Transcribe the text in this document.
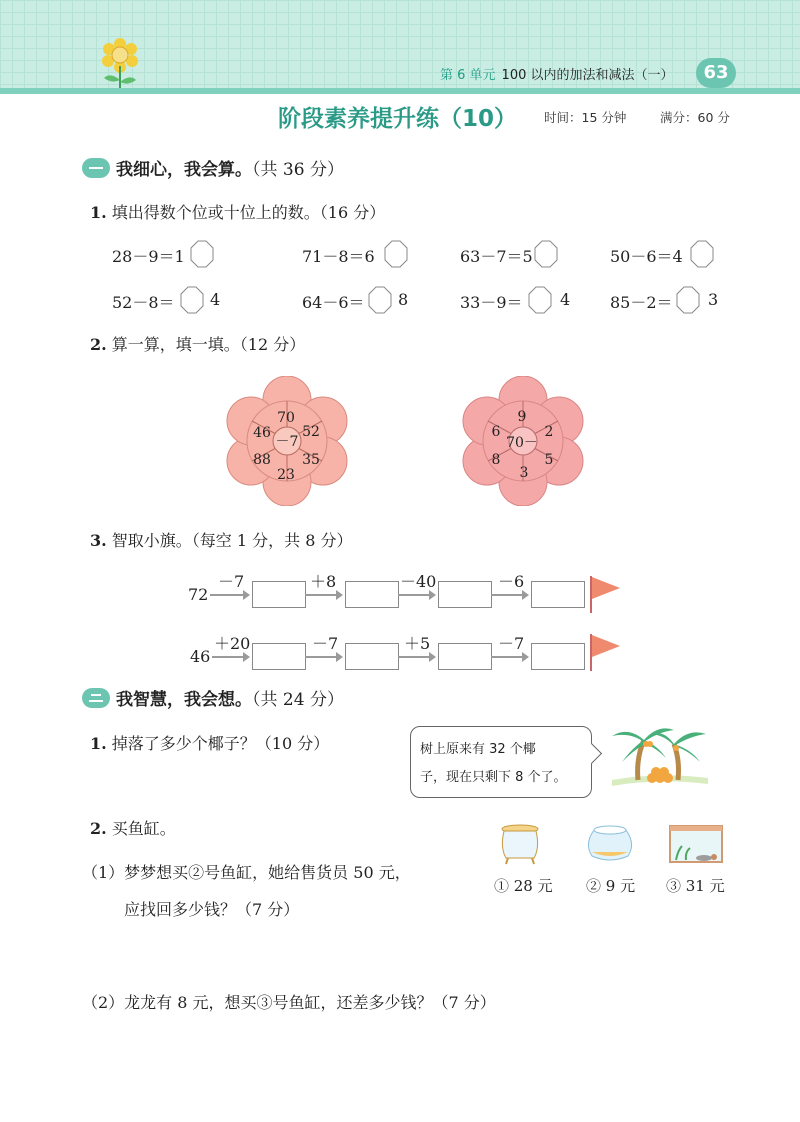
第 6 单元 100 以内的加法和减法（一）	63
阶段素养提升练（10） 时间：15 分钟	满分：60 分
我细心，我会算。（共 36 分）
1. 填出得数个位或十位上的数。（16 分）
28－9＝1	71－8＝6	63－7＝5	50－6＝4
52－8＝ 4	64－6＝ 8	33－9＝ 4 85－2＝ 3
2. 算一算，填一填。（12 分）
－7
70
52
35
23
88
46
70－
9
2
5
3
8
6
3. 智取小旗。（每空 1 分，共 8 分）
72
－7	＋8	－40	－6
46
＋20	－7	＋5	－7
我智慧，我会想。（共 24 分）
1. 掉落了多少个椰子？（10 分）	树上原来有 32 个椰
子，现在只剩下 8 个了。
2. 买鱼缸。
① 28 元 ② 9 元 ③ 31 元
（1）梦梦想买②号鱼缸，她给售货员 50 元，
应找回多少钱？（7 分）
（2）龙龙有 8 元，想买③号鱼缸，还差多少钱？（7 分）
